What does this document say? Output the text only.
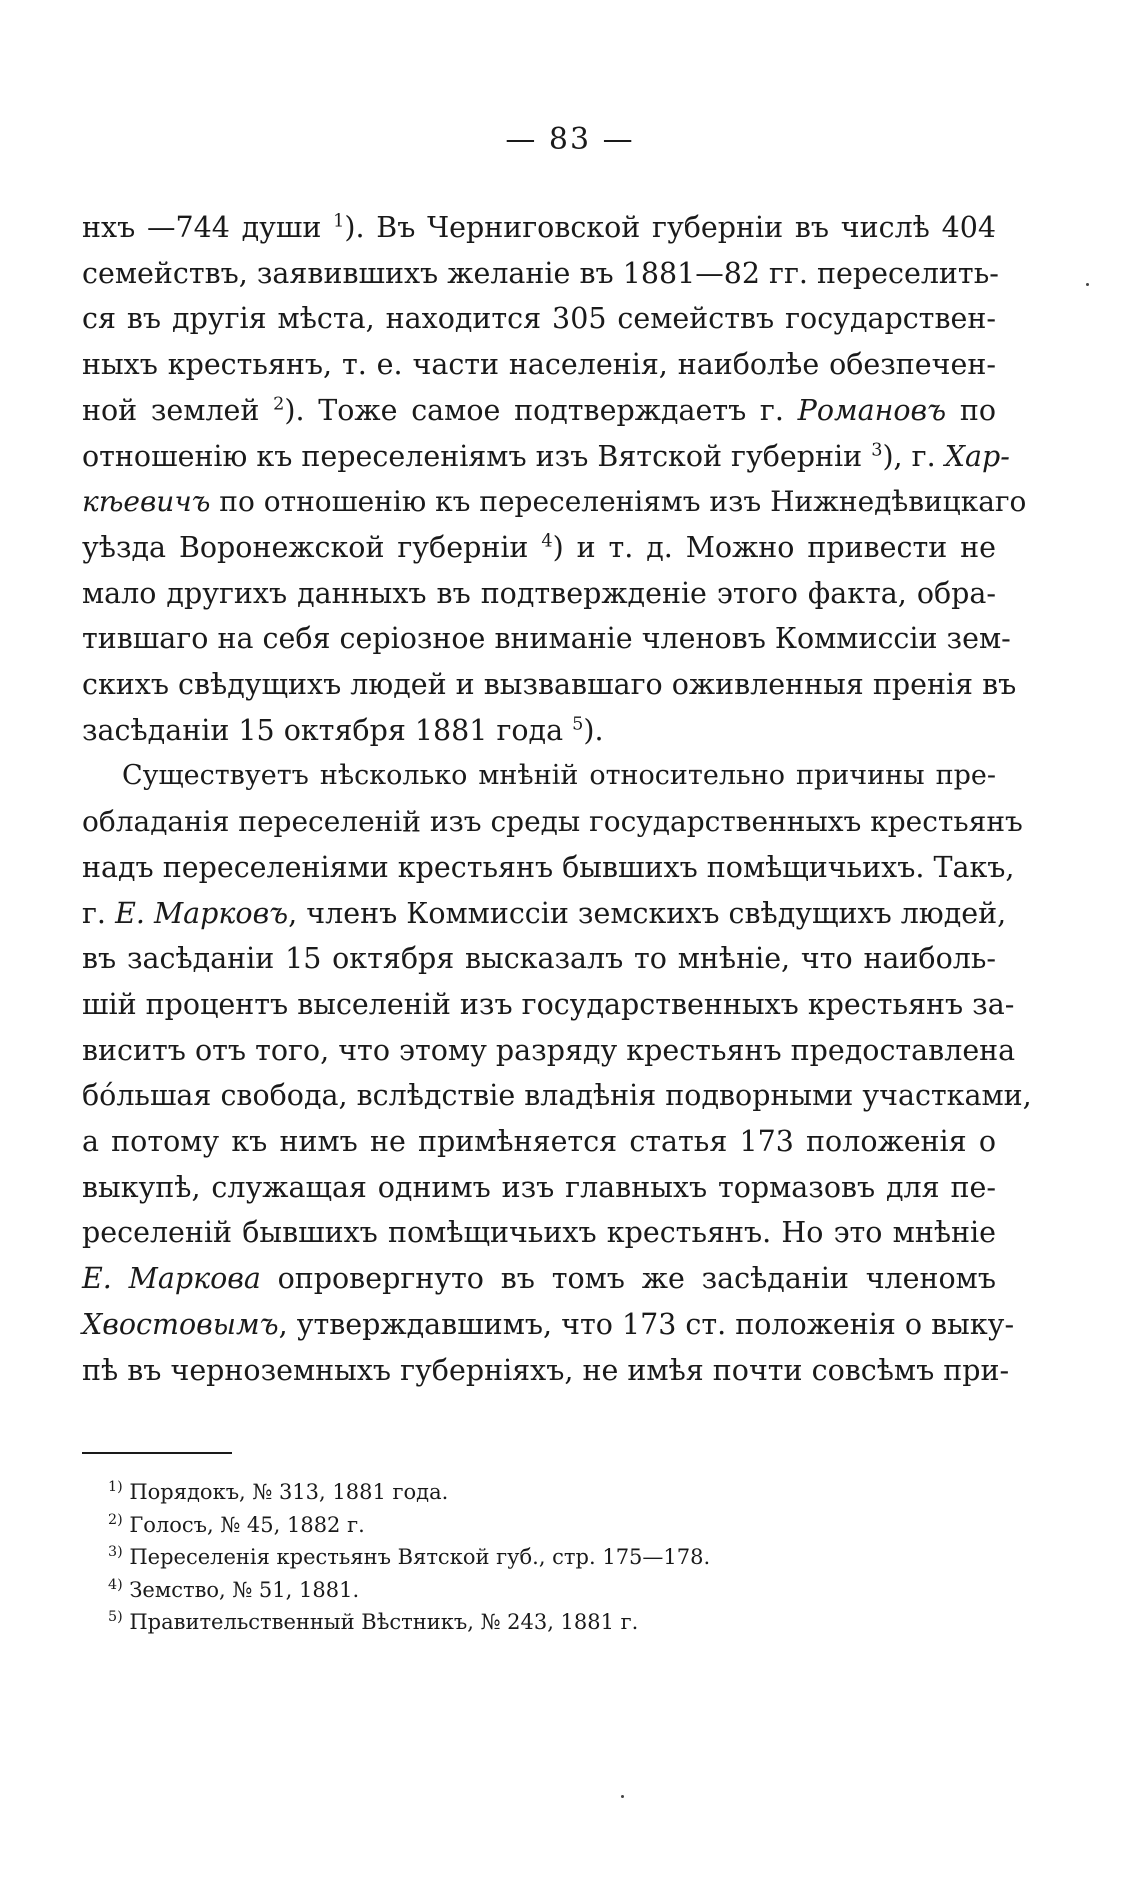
— 83 —
нхъ —744 души $^1$). Въ Черниговской губерніи въ числѣ 404
семействъ, заявившихъ желаніе въ 1881—82 гг. переселить-
ся въ другія мѣста, находится 305 семействъ государствен-
ныхъ крестьянъ, т. е. части населенія, наиболѣе обезпечен-
ной землей $^2$). Тоже самое подтверждаетъ г. Романовъ по
отношенію къ переселеніямъ изъ Вятской губерніи $^3$), г. Хар-
кѣевичъ по отношенію къ переселеніямъ изъ Нижнедѣвицкаго
уѣзда Воронежской губерніи $^4$) и т. д. Можно привести не
мало другихъ данныхъ въ подтвержденіе этого факта, обра-
тившаго на себя серіозное вниманіе членовъ Коммиссіи зем-
скихъ свѣдущихъ людей и вызвавшаго оживленныя пренія въ
засѣданіи 15 октября 1881 года $^5$).
Существуетъ нѣсколько мнѣній относительно причины пре-
обладанія переселеній изъ среды государственныхъ крестьянъ
надъ переселеніями крестьянъ бывшихъ помѣщичьихъ. Такъ,
г. Е. Марковъ, членъ Коммиссіи земскихъ свѣдущихъ людей,
въ засѣданіи 15 октября высказалъ то мнѣніе, что наиболь-
шій процентъ выселеній изъ государственныхъ крестьянъ за-
виситъ отъ того, что этому разряду крестьянъ предоставлена
бо́льшая свобода, вслѣдствіе владѣнія подворными участками,
а потому къ нимъ не примѣняется статья 173 положенія о
выкупѣ, служащая однимъ изъ главныхъ тормазовъ для пе-
реселеній бывшихъ помѣщичьихъ крестьянъ. Но это мнѣніе
Е. Маркова опровергнуто въ томъ же засѣданіи членомъ
Хвостовымъ, утверждавшимъ, что 173 ст. положенія о выку-
пѣ въ черноземныхъ губерніяхъ, не имѣя почти совсѣмъ при-
$^{1)}$ Порядокъ, № 313, 1881 года.
$^{2)}$ Голосъ, № 45, 1882 г.
$^{3)}$ Переселенія крестьянъ Вятской губ., стр. 175—178.
$^{4)}$ Земство, № 51, 1881.
$^{5)}$ Правительственный Вѣстникъ, № 243, 1881 г.
